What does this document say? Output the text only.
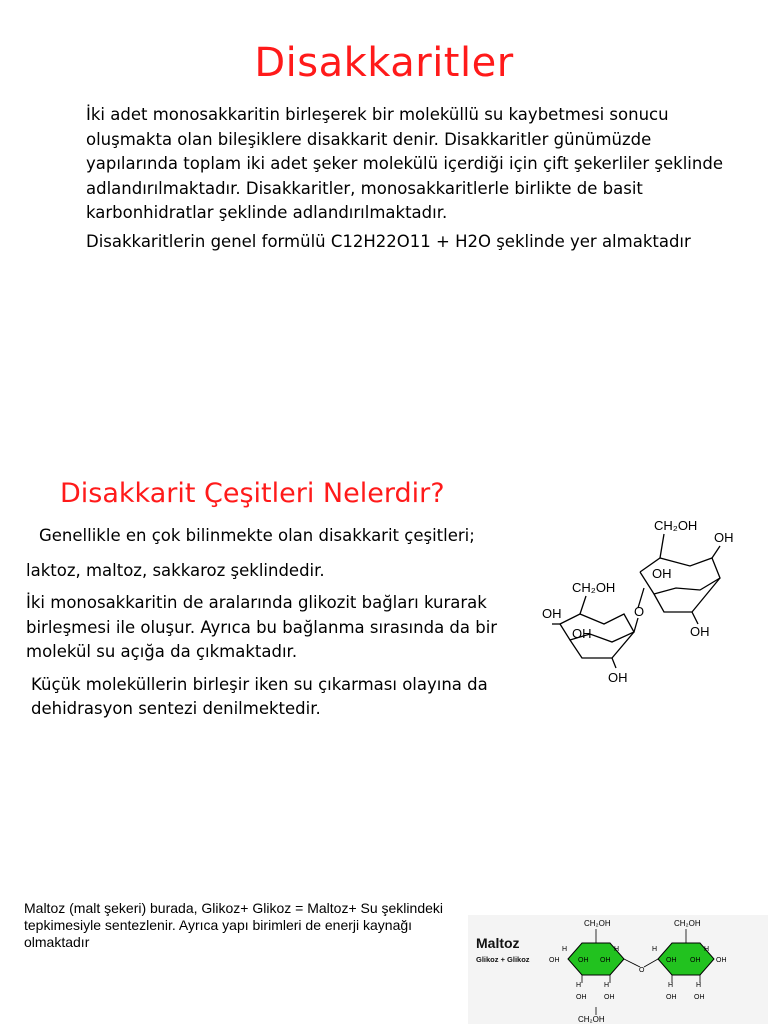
Disakkaritler

İki adet monosakkaritin birleşerek bir moleküllü su kaybetmesi sonucu oluşmakta olan bileşiklere disakkarit denir. Disakkaritler günümüzde yapılarında toplam iki adet şeker molekülü içerdiği için çift şekerliler şeklinde adlandırılmaktadır. Disakkaritler, monosakkaritlerle birlikte de basit karbonhidratlar şeklinde adlandırılmaktadır.

Disakkaritlerin genel formülü C12H22O11 + H2O şeklinde yer almaktadır

Disakkarit Çeşitleri Nelerdir?

Genellikle en çok bilinmekte olan disakkarit çeşitleri;

laktoz, maltoz, sakkaroz şeklindedir.

İki monosakkaritin de aralarında glikozit bağları kurarak birleşmesi ile oluşur. Ayrıca bu bağlanma sırasında da bir molekül su açığa da çıkmaktadır.

Küçük moleküllerin birleşir iken su çıkarması olayına da dehidrasyon sentezi denilmektedir.

CH₂OH
OH
CH₂OH
OH
OH
OH
OH
OH
O
Maltoz (malt şekeri) burada, Glikoz+ Glikoz = Maltoz+ Su şeklindeki tepkimesiyle sentezlenir. Ayrıca yapı birimleri de enerji kaynağı olmaktadır	Maltoz
Glikoz + Glikoz
CH₂OH	CH₂OH
CH₂OH
H	H	H	H
OH	OH OH	OH OH OH
O
H	H	H	H
OH	OH	OH	OH
